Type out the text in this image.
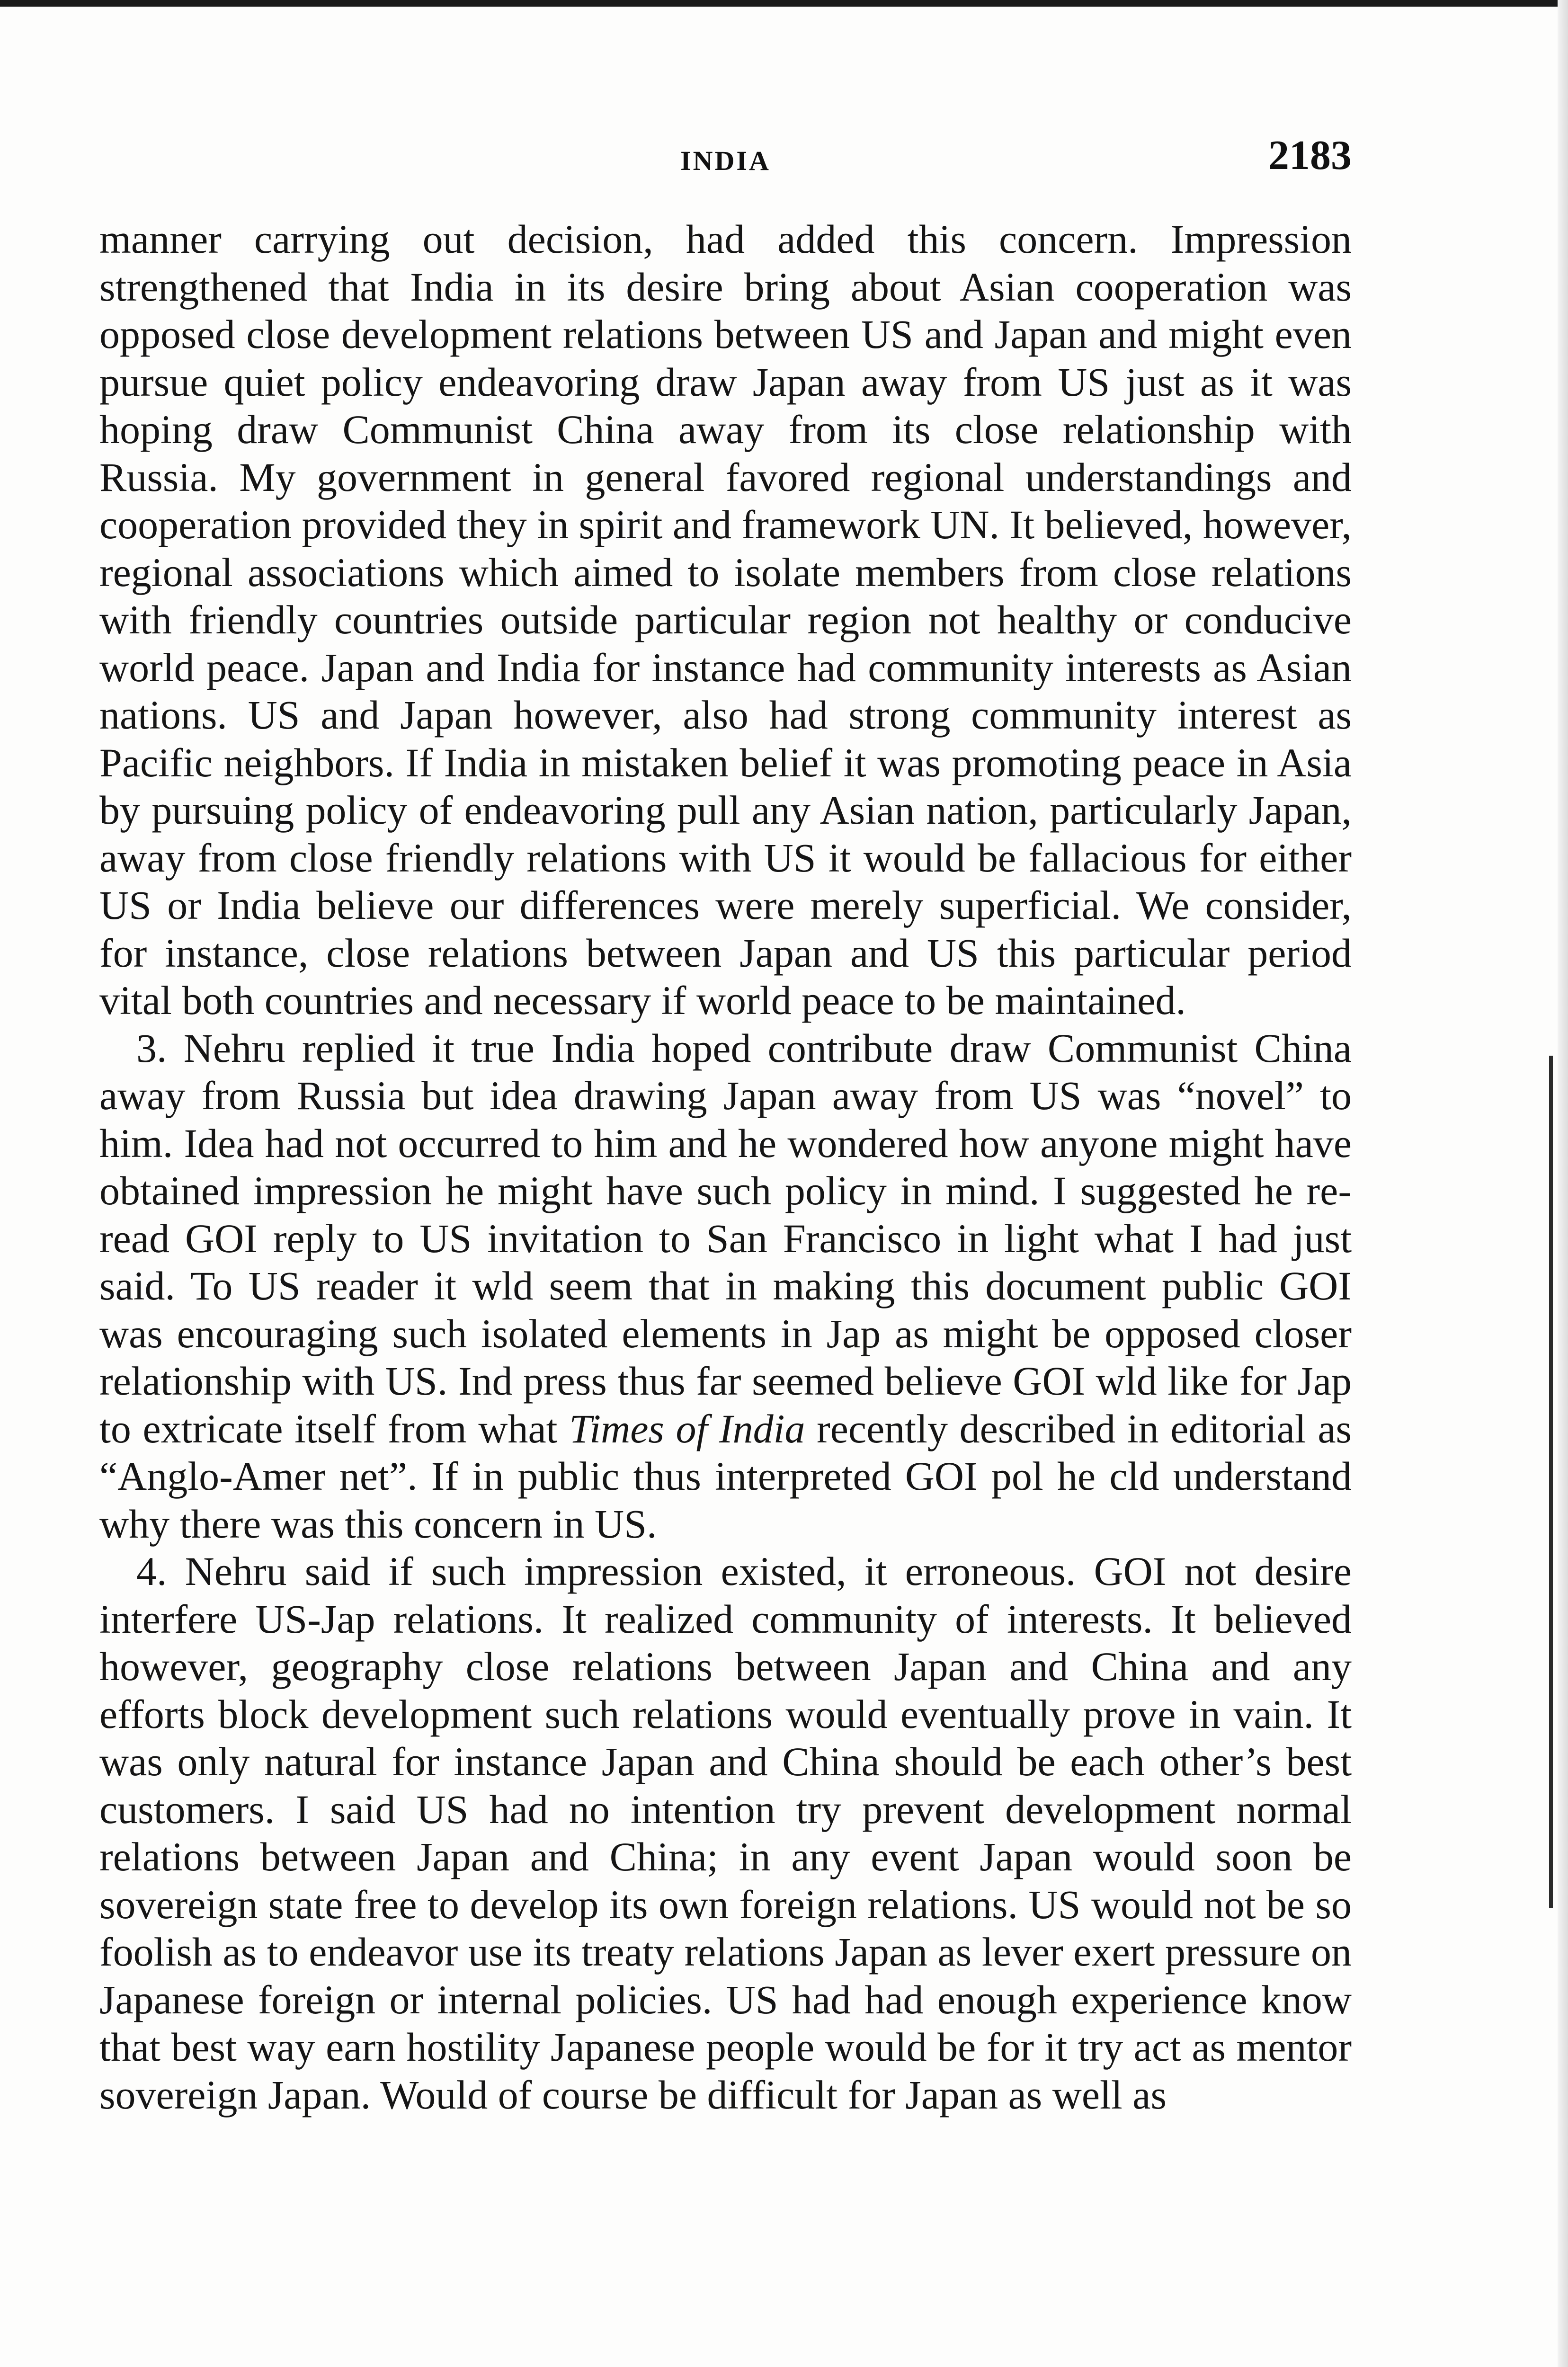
INDIA	2183

manner carrying out decision, had added this concern. Impression strengthened that India in its desire bring about Asian cooperation was opposed close development relations between US and Japan and might even pursue quiet policy endeavoring draw Japan away from US just as it was hoping draw Communist China away from its close relationship with Russia. My government in general favored regional understandings and cooperation provided they in spirit and framework UN. It believed, however, regional associations which aimed to isolate members from close relations with friendly countries outside particular region not healthy or conducive world peace. Japan and India for instance had community interests as Asian nations. US and Japan however, also had strong community interest as Pacific neighbors. If India in mistaken belief it was promoting peace in Asia by pursuing policy of endeavoring pull any Asian nation, particularly Japan, away from close friendly relations with US it would be fallacious for either US or India believe our differences were merely superficial. We consider, for instance, close relations between Japan and US this particular period vital both countries and necessary if world peace to be maintained.

3. Nehru replied it true India hoped contribute draw Communist China away from Russia but idea drawing Japan away from US was “novel” to him. Idea had not occurred to him and he wondered how anyone might have obtained impression he might have such policy in mind. I suggested he re-read GOI reply to US invitation to San Francisco in light what I had just said. To US reader it wld seem that in making this document public GOI was encouraging such isolated elements in Jap as might be opposed closer relationship with US. Ind press thus far seemed believe GOI wld like for Jap to extricate itself from what Times of India recently described in editorial as “Anglo-Amer net”. If in public thus interpreted GOI pol he cld understand why there was this concern in US.

4. Nehru said if such impression existed, it erroneous. GOI not desire interfere US-Jap relations. It realized community of interests. It believed however, geography close relations between Japan and China and any efforts block development such relations would eventually prove in vain. It was only natural for instance Japan and China should be each other’s best customers. I said US had no intention try prevent development normal relations between Japan and China; in any event Japan would soon be sovereign state free to develop its own foreign relations. US would not be so foolish as to endeavor use its treaty relations Japan as lever exert pressure on Japanese foreign or internal policies. US had had enough experience know that best way earn hostility Japanese people would be for it try act as mentor sovereign Japan. Would of course be difficult for Japan as well as
